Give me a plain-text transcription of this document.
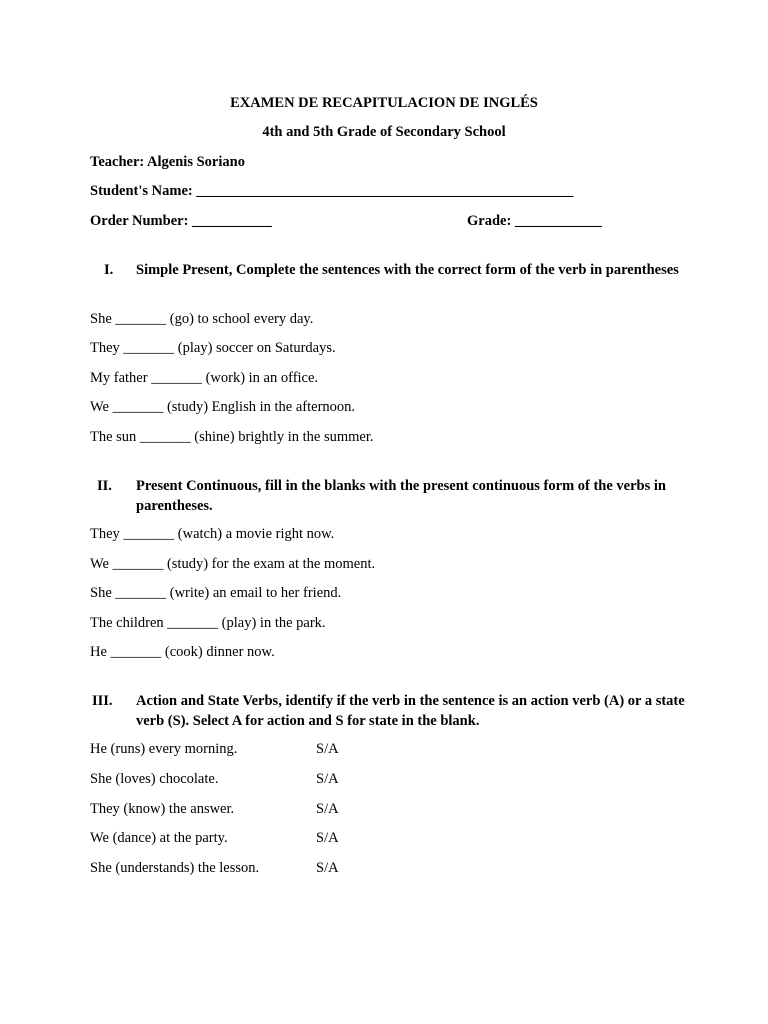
EXAMEN DE RECAPITULACION DE INGLÉS
4th and 5th Grade of Secondary School
Teacher: Algenis Soriano
Student's Name: ____________________________________________________
Order Number: ___________	Grade: ____________
I. Simple Present, Complete the sentences with the correct form of the verb in parentheses
She _______ (go) to school every day.
They _______ (play) soccer on Saturdays.
My father _______ (work) in an office.
We _______ (study) English in the afternoon.
The sun _______ (shine) brightly in the summer.
II. Present Continuous, fill in the blanks with the present continuous form of the verbs in parentheses.
They _______ (watch) a movie right now.
We _______ (study) for the exam at the moment.
She _______ (write) an email to her friend.
The children _______ (play) in the park.
He _______ (cook) dinner now.
III. Action and State Verbs, identify if the verb in the sentence is an action verb (A) or a state verb (S). Select A for action and S for state in the blank.
He (runs) every morning.	S/A
She (loves) chocolate.	S/A
They (know) the answer.	S/A
We (dance) at the party.	S/A
She (understands) the lesson.	S/A
